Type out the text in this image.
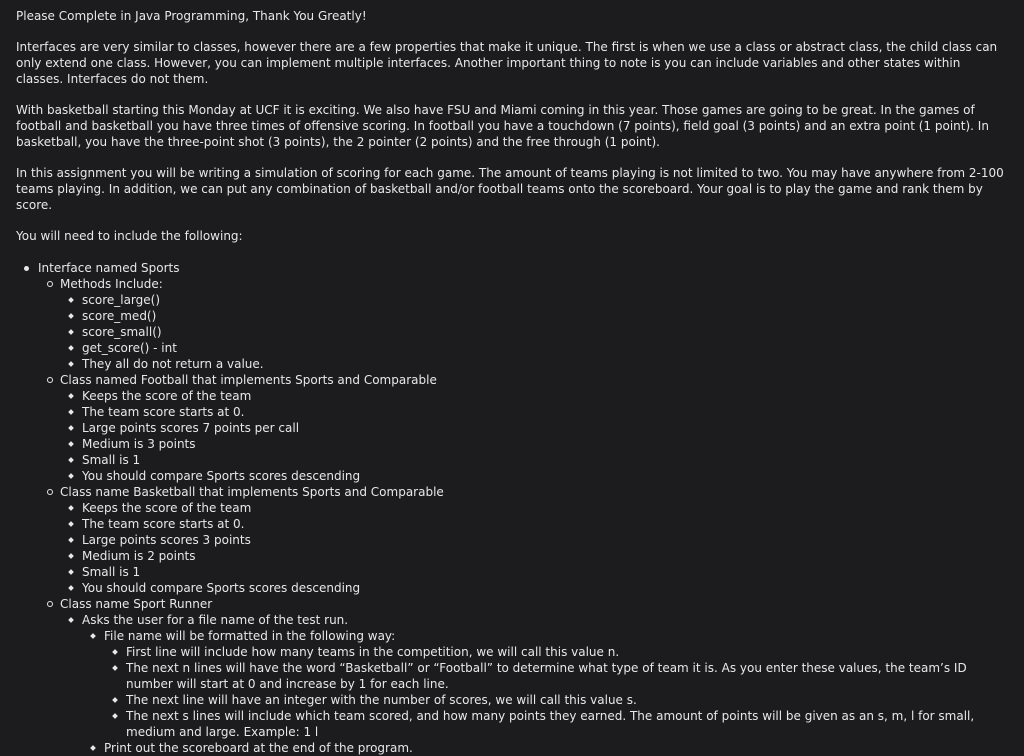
Please Complete in Java Programming, Thank You Greatly!

Interfaces are very similar to classes, however there are a few properties that make it unique. The first is when we use a class or abstract class, the child class can only extend one class. However, you can implement multiple interfaces. Another important thing to note is you can include variables and other states within classes. Interfaces do not them.

With basketball starting this Monday at UCF it is exciting. We also have FSU and Miami coming in this year. Those games are going to be great. In the games of football and basketball you have three times of offensive scoring. In football you have a touchdown (7 points), field goal (3 points) and an extra point (1 point). In basketball, you have the three-point shot (3 points), the 2 pointer (2 points) and the free through (1 point).

In this assignment you will be writing a simulation of scoring for each game. The amount of teams playing is not limited to two. You may have anywhere from 2-100 teams playing. In addition, we can put any combination of basketball and/or football teams onto the scoreboard. Your goal is to play the game and rank them by score.

You will need to include the following:

Interface named Sports
Methods Include:
score_large()
score_med()
score_small()
get_score() - int
They all do not return a value.
Class named Football that implements Sports and Comparable
Keeps the score of the team
The team score starts at 0.
Large points scores 7 points per call
Medium is 3 points
Small is 1
You should compare Sports scores descending
Class name Basketball that implements Sports and Comparable
Keeps the score of the team
The team score starts at 0.
Large points scores 3 points
Medium is 2 points
Small is 1
You should compare Sports scores descending
Class name Sport Runner
Asks the user for a file name of the test run.
File name will be formatted in the following way:
First line will include how many teams in the competition, we will call this value n.
The next n lines will have the word “Basketball” or “Football” to determine what type of team it is. As you enter these values, the team’s ID number will start at 0 and increase by 1 for each line.
The next line will have an integer with the number of scores, we will call this value s.
The next s lines will include which team scored, and how many points they earned. The amount of points will be given as an s, m, l for small, medium and large. Example: 1 l
Print out the scoreboard at the end of the program.
